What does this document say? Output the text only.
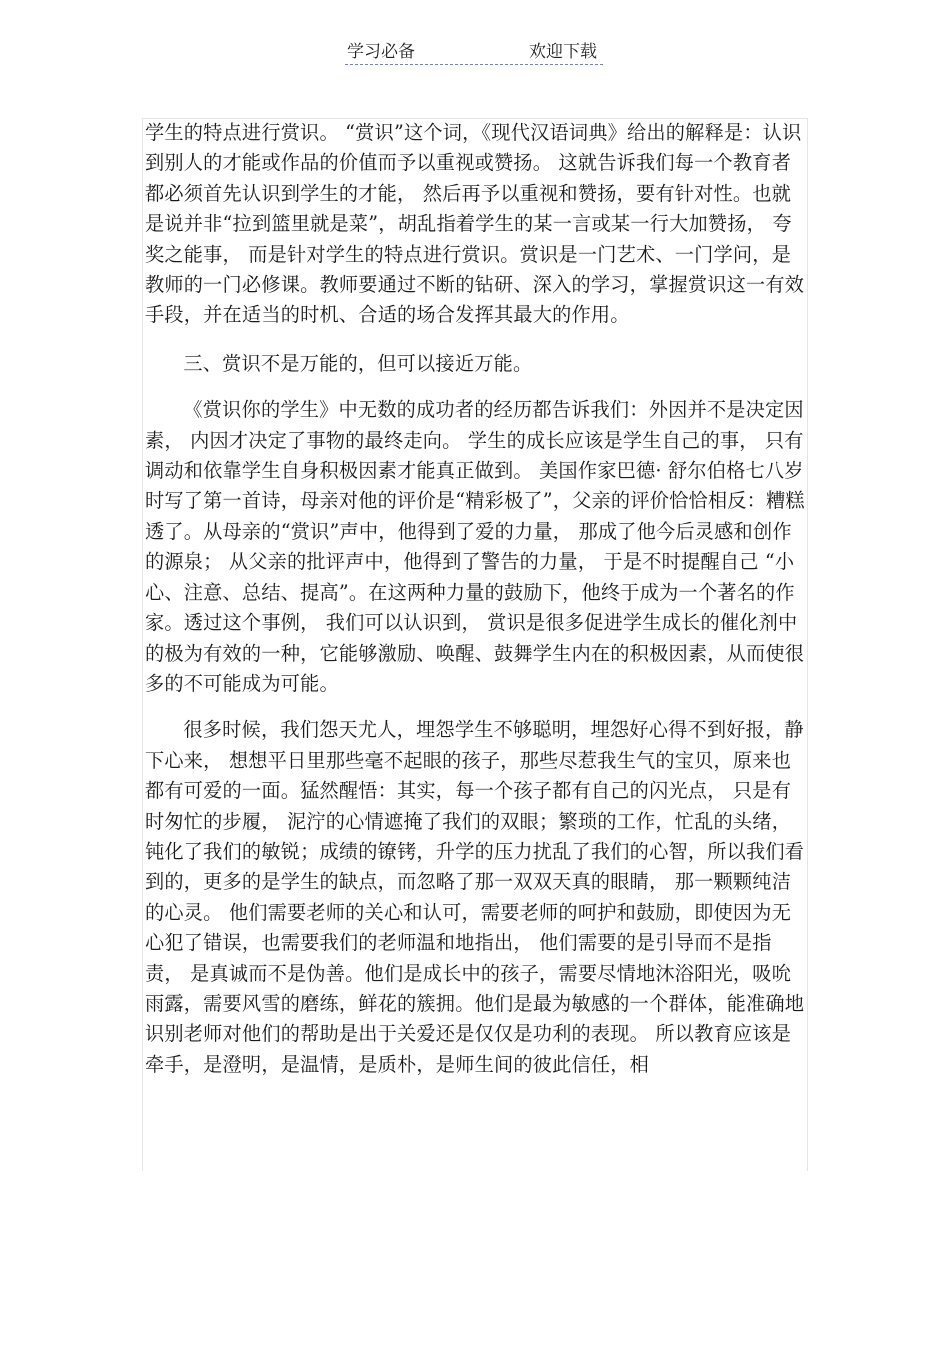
学习必备	欢迎下载

学生的特点进行赏识。 “赏识”这个词，《现代汉语词典》给出的解释是：认识到别人的才能或作品的价值而予以重视或赞扬。 这就告诉我们每一个教育者都必须首先认识到学生的才能， 然后再予以重视和赞扬，要有针对性。也就是说并非“拉到篮里就是菜”，胡乱指着学生的某一言或某一行大加赞扬， 夸奖之能事， 而是针对学生的特点进行赏识。赏识是一门艺术、一门学问，是教师的一门必修课。教师要通过不断的钻研、深入的学习，掌握赏识这一有效手段，并在适当的时机、合适的场合发挥其最大的作用。

三、赏识不是万能的，但可以接近万能。

《赏识你的学生》中无数的成功者的经历都告诉我们：外因并不是决定因素， 内因才决定了事物的最终走向。 学生的成长应该是学生自己的事， 只有调动和依靠学生自身积极因素才能真正做到。 美国作家巴德· 舒尔伯格七八岁时写了第一首诗，母亲对他的评价是“精彩极了”，父亲的评价恰恰相反：糟糕透了。从母亲的“赏识”声中，他得到了爱的力量， 那成了他今后灵感和创作的源泉； 从父亲的批评声中，他得到了警告的力量， 于是不时提醒自己 “小心、注意、总结、提高”。在这两种力量的鼓励下，他终于成为一个著名的作家。透过这个事例， 我们可以认识到， 赏识是很多促进学生成长的催化剂中的极为有效的一种，它能够激励、唤醒、鼓舞学生内在的积极因素，从而使很多的不可能成为可能。

很多时候，我们怨天尤人，埋怨学生不够聪明，埋怨好心得不到好报，静下心来， 想想平日里那些毫不起眼的孩子，那些尽惹我生气的宝贝，原来也都有可爱的一面。猛然醒悟：其实，每一个孩子都有自己的闪光点， 只是有时匆忙的步履， 泥泞的心情遮掩了我们的双眼；繁琐的工作，忙乱的头绪，钝化了我们的敏锐；成绩的镣铐，升学的压力扰乱了我们的心智，所以我们看到的，更多的是学生的缺点，而忽略了那一双双天真的眼睛， 那一颗颗纯洁的心灵。 他们需要老师的关心和认可，需要老师的呵护和鼓励，即使因为无心犯了错误，也需要我们的老师温和地指出， 他们需要的是引导而不是指责， 是真诚而不是伪善。他们是成长中的孩子，需要尽情地沐浴阳光，吸吮雨露，需要风雪的磨练，鲜花的簇拥。他们是最为敏感的一个群体，能准确地识别老师对他们的帮助是出于关爱还是仅仅是功利的表现。 所以教育应该是牵手，是澄明，是温情，是质朴，是师生间的彼此信任，相
